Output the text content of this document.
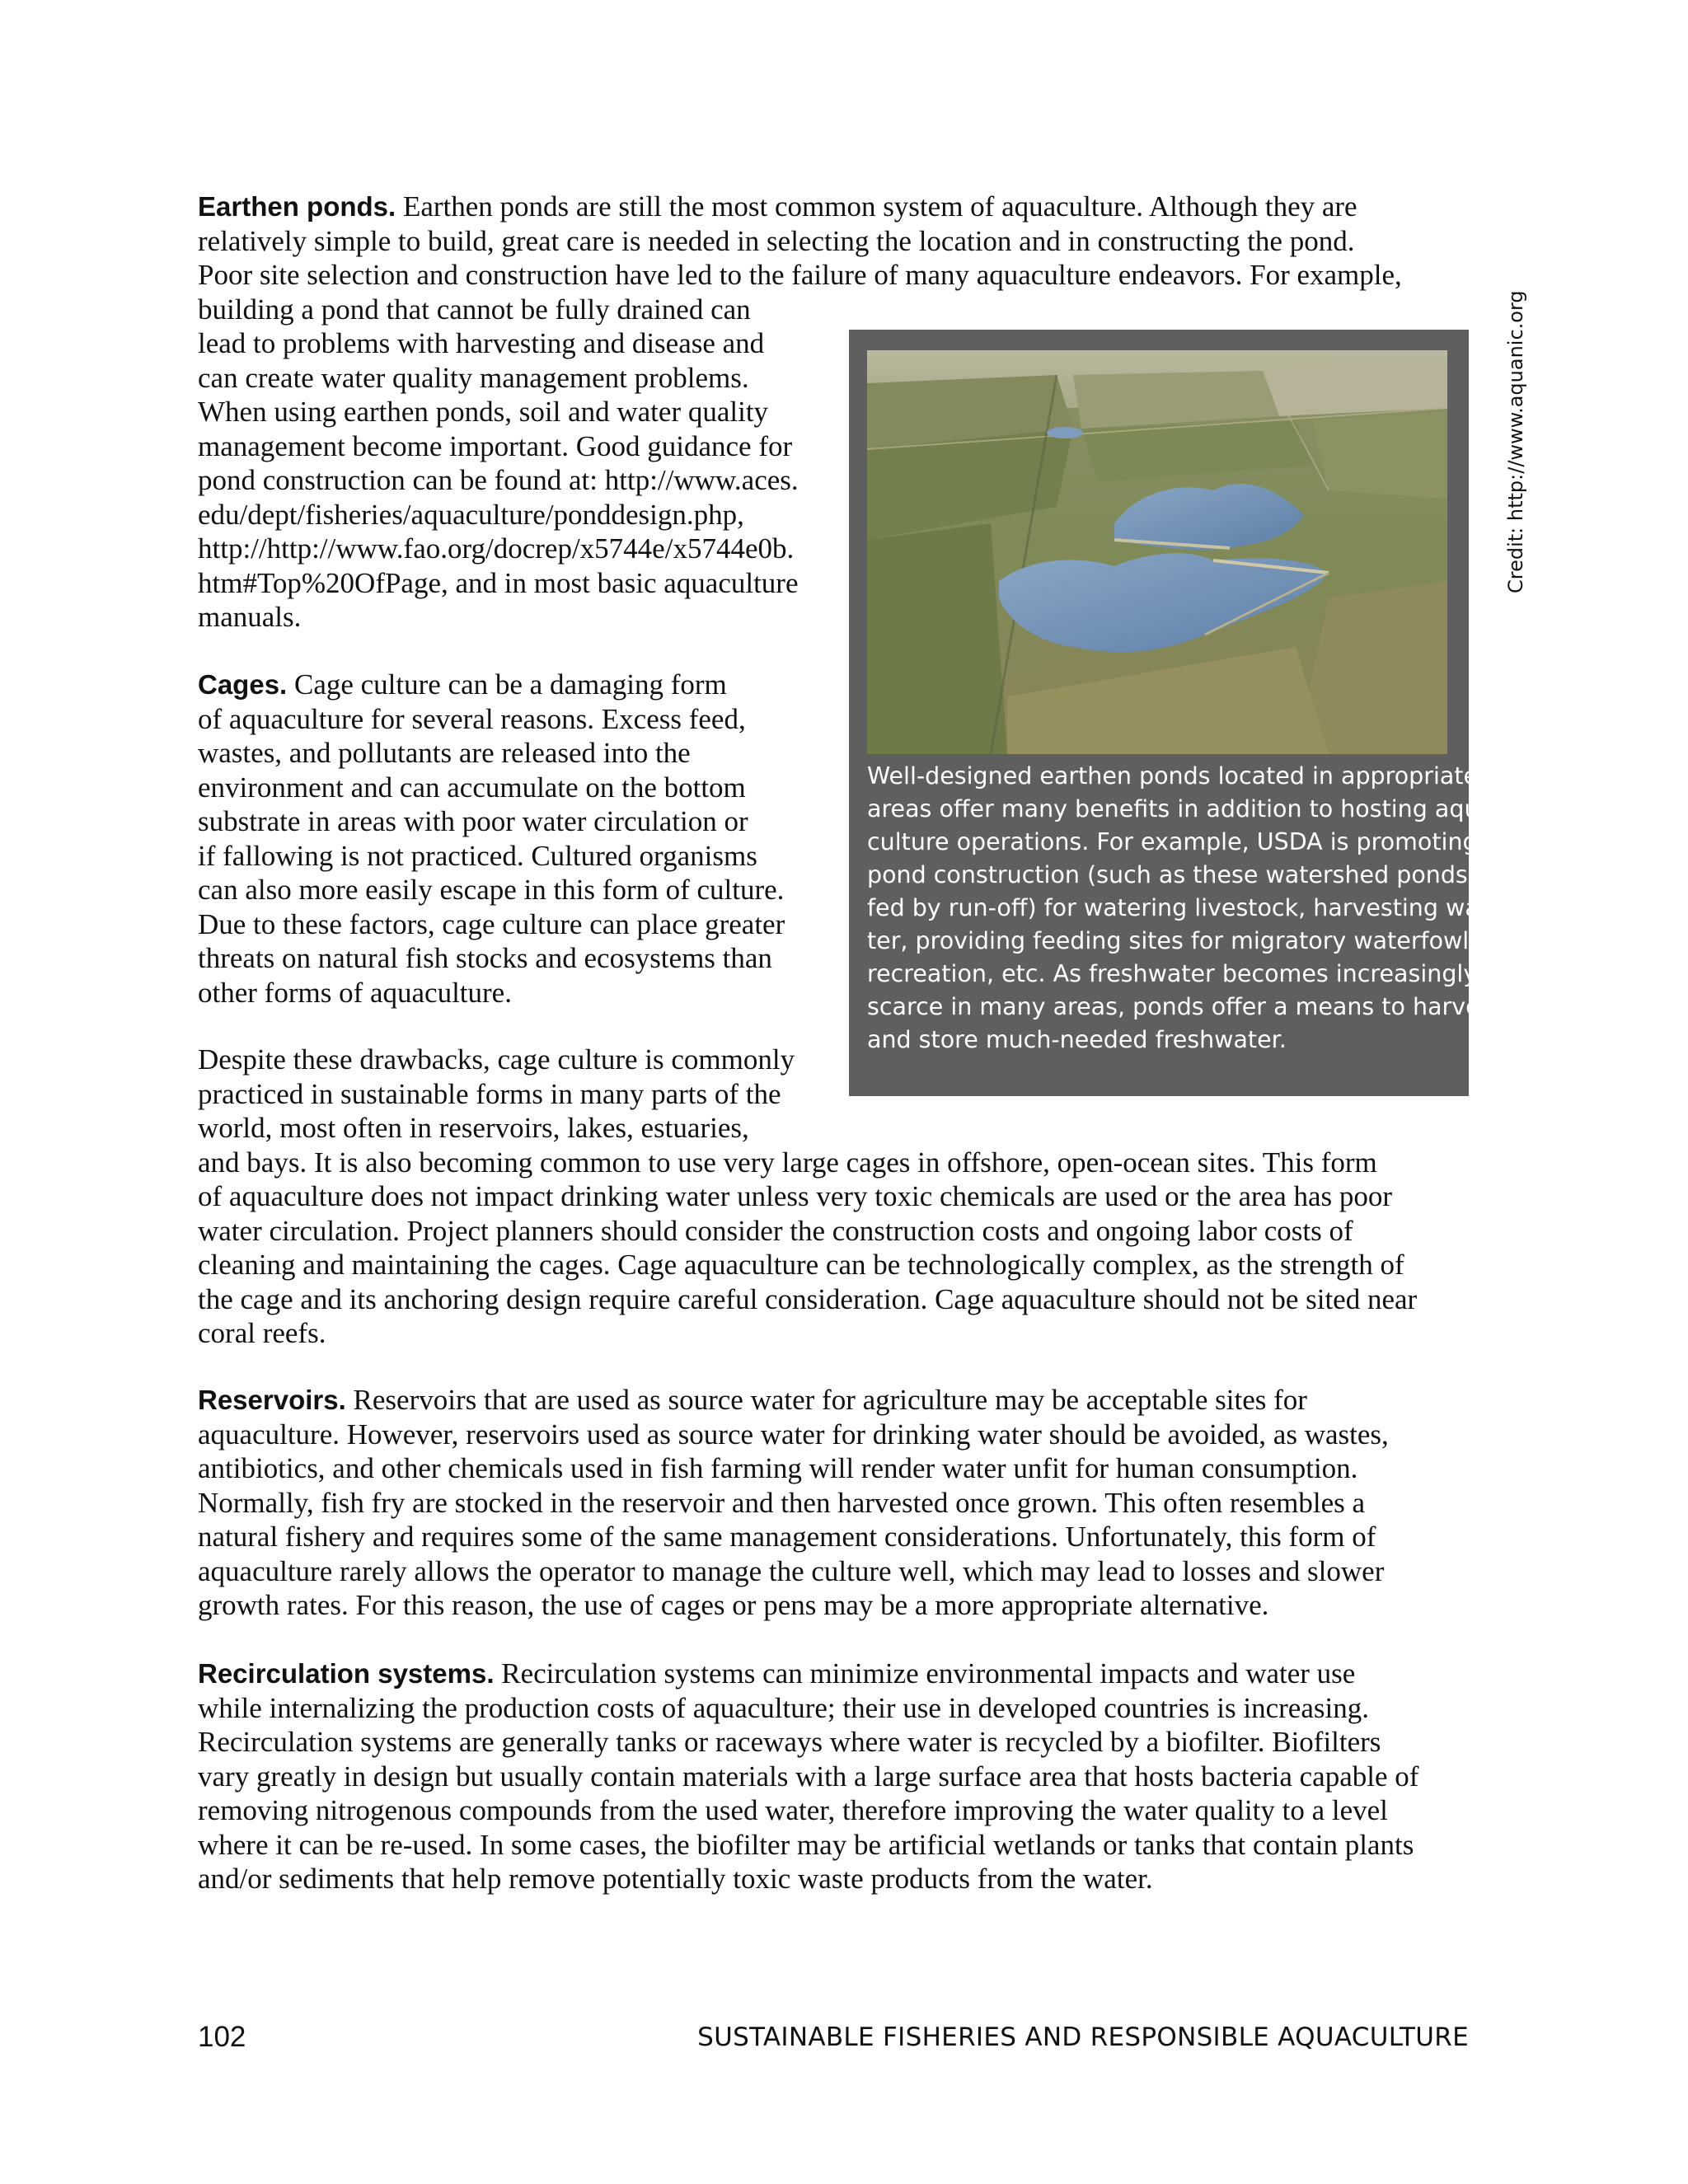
Earthen ponds. Earthen ponds are still the most common system of aquaculture. Although they are
relatively simple to build, great care is needed in selecting the location and in constructing the pond.
Poor site selection and construction have led to the failure of many aquaculture endeavors. For example,
building a pond that cannot be fully drained can
lead to problems with harvesting and disease and
can create water quality management problems.
When using earthen ponds, soil and water quality
management become important. Good guidance for
pond construction can be found at: http://www.aces.
edu/dept/fisheries/aquaculture/ponddesign.php,
http://http://www.fao.org/docrep/x5744e/x5744e0b.
htm#Top%20OfPage, and in most basic aquaculture
manuals.
Cages. Cage culture can be a damaging form
of aquaculture for several reasons. Excess feed,
wastes, and pollutants are released into the
environment and can accumulate on the bottom
substrate in areas with poor water circulation or
if fallowing is not practiced. Cultured organisms
can also more easily escape in this form of culture.
Due to these factors, cage culture can place greater
threats on natural fish stocks and ecosystems than
other forms of aquaculture.
Despite these drawbacks, cage culture is commonly
practiced in sustainable forms in many parts of the
world, most often in reservoirs, lakes, estuaries,
and bays. It is also becoming common to use very large cages in offshore, open-ocean sites. This form
of aquaculture does not impact drinking water unless very toxic chemicals are used or the area has poor
water circulation. Project planners should consider the construction costs and ongoing labor costs of
cleaning and maintaining the cages. Cage aquaculture can be technologically complex, as the strength of
the cage and its anchoring design require careful consideration. Cage aquaculture should not be sited near
coral reefs.
Reservoirs. Reservoirs that are used as source water for agriculture may be acceptable sites for
aquaculture. However, reservoirs used as source water for drinking water should be avoided, as wastes,
antibiotics, and other chemicals used in fish farming will render water unfit for human consumption.
Normally, fish fry are stocked in the reservoir and then harvested once grown. This often resembles a
natural fishery and requires some of the same management considerations. Unfortunately, this form of
aquaculture rarely allows the operator to manage the culture well, which may lead to losses and slower
growth rates. For this reason, the use of cages or pens may be a more appropriate alternative.
Recirculation systems. Recirculation systems can minimize environmental impacts and water use
while internalizing the production costs of aquaculture; their use in developed countries is increasing.
Recirculation systems are generally tanks or raceways where water is recycled by a biofilter. Biofilters
vary greatly in design but usually contain materials with a large surface area that hosts bacteria capable of
removing nitrogenous compounds from the used water, therefore improving the water quality to a level
where it can be re-used. In some cases, the biofilter may be artificial wetlands or tanks that contain plants
and/or sediments that help remove potentially toxic waste products from the water.

Well-designed earthen ponds located in appropriate
areas offer many benefits in addition to hosting aqua-
culture operations. For example, USDA is promoting
pond construction (such as these watershed ponds
fed by run-off) for watering livestock, harvesting wa-
ter, providing feeding sites for migratory waterfowl,
recreation, etc. As freshwater becomes increasingly
scarce in many areas, ponds offer a means to harvest
and store much-needed freshwater.

Credit: http://www.aquanic.org
102	SUSTAINABLE FISHERIES AND RESPONSIBLE AQUACULTURE
